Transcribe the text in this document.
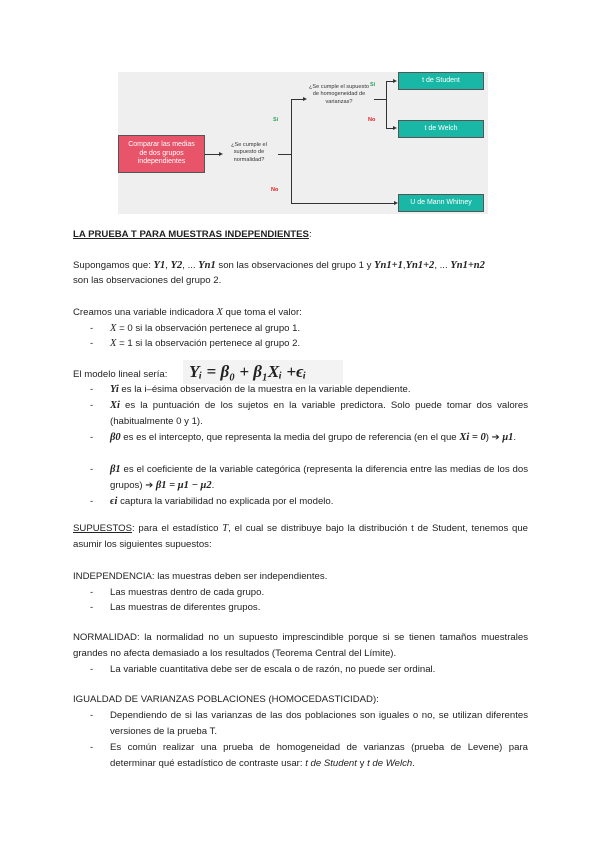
Comparar las medias de dos grupos independientes
¿Se cumple el supuesto de normalidad?
Sí
No
¿Se cumple el supuesto de homogeneidad de varianzas?
Sí
No
t de Student
t de Welch
U de Mann Whitney
LA PRUEBA T PARA MUESTRAS INDEPENDIENTES:
Supongamos que: Y1, Y2, ... Yn1 son las observaciones del grupo 1 y Yn1+1,Yn1+2, ... Yn1+n2
son las observaciones del grupo 2.
Creamos una variable indicadora X que toma el valor:
-	X = 0 si la observación pertenece al grupo 1.
-	X = 1 si la observación pertenece al grupo 2.
El modelo lineal sería:	Yᵢ = β₀ + β₁Xᵢ +ϵᵢ
-	Yi es la i–ésima observación de la muestra en la variable dependiente.
-	Xi es la puntuación de los sujetos en la variable predictora. Solo puede tomar dos valores (habitualmente 0 y 1).
-	β0 es es el intercepto, que representa la media del grupo de referencia (en el que Xi = 0) ➔ μ1.
-	β1 es el coeficiente de la variable categórica (representa la diferencia entre las medias de los dos grupos) ➔ β1 = μ1 − μ2.
-	ϵi captura la variabilidad no explicada por el modelo.
SUPUESTOS: para el estadístico T, el cual se distribuye bajo la distribución t de Student, tenemos que asumir los siguientes supuestos:
INDEPENDENCIA: las muestras deben ser independientes.
-	Las muestras dentro de cada grupo.
-	Las muestras de diferentes grupos.
NORMALIDAD: la normalidad no un supuesto imprescindible porque si se tienen tamaños muestrales grandes no afecta demasiado a los resultados (Teorema Central del Límite).
-	La variable cuantitativa debe ser de escala o de razón, no puede ser ordinal.
IGUALDAD DE VARIANZAS POBLACIONES (HOMOCEDASTICIDAD):
-	Dependiendo de si las varianzas de las dos poblaciones son iguales o no, se utilizan diferentes versiones de la prueba T.
-	Es común realizar una prueba de homogeneidad de varianzas (prueba de Levene) para determinar qué estadístico de contraste usar: t de Student y t de Welch.
